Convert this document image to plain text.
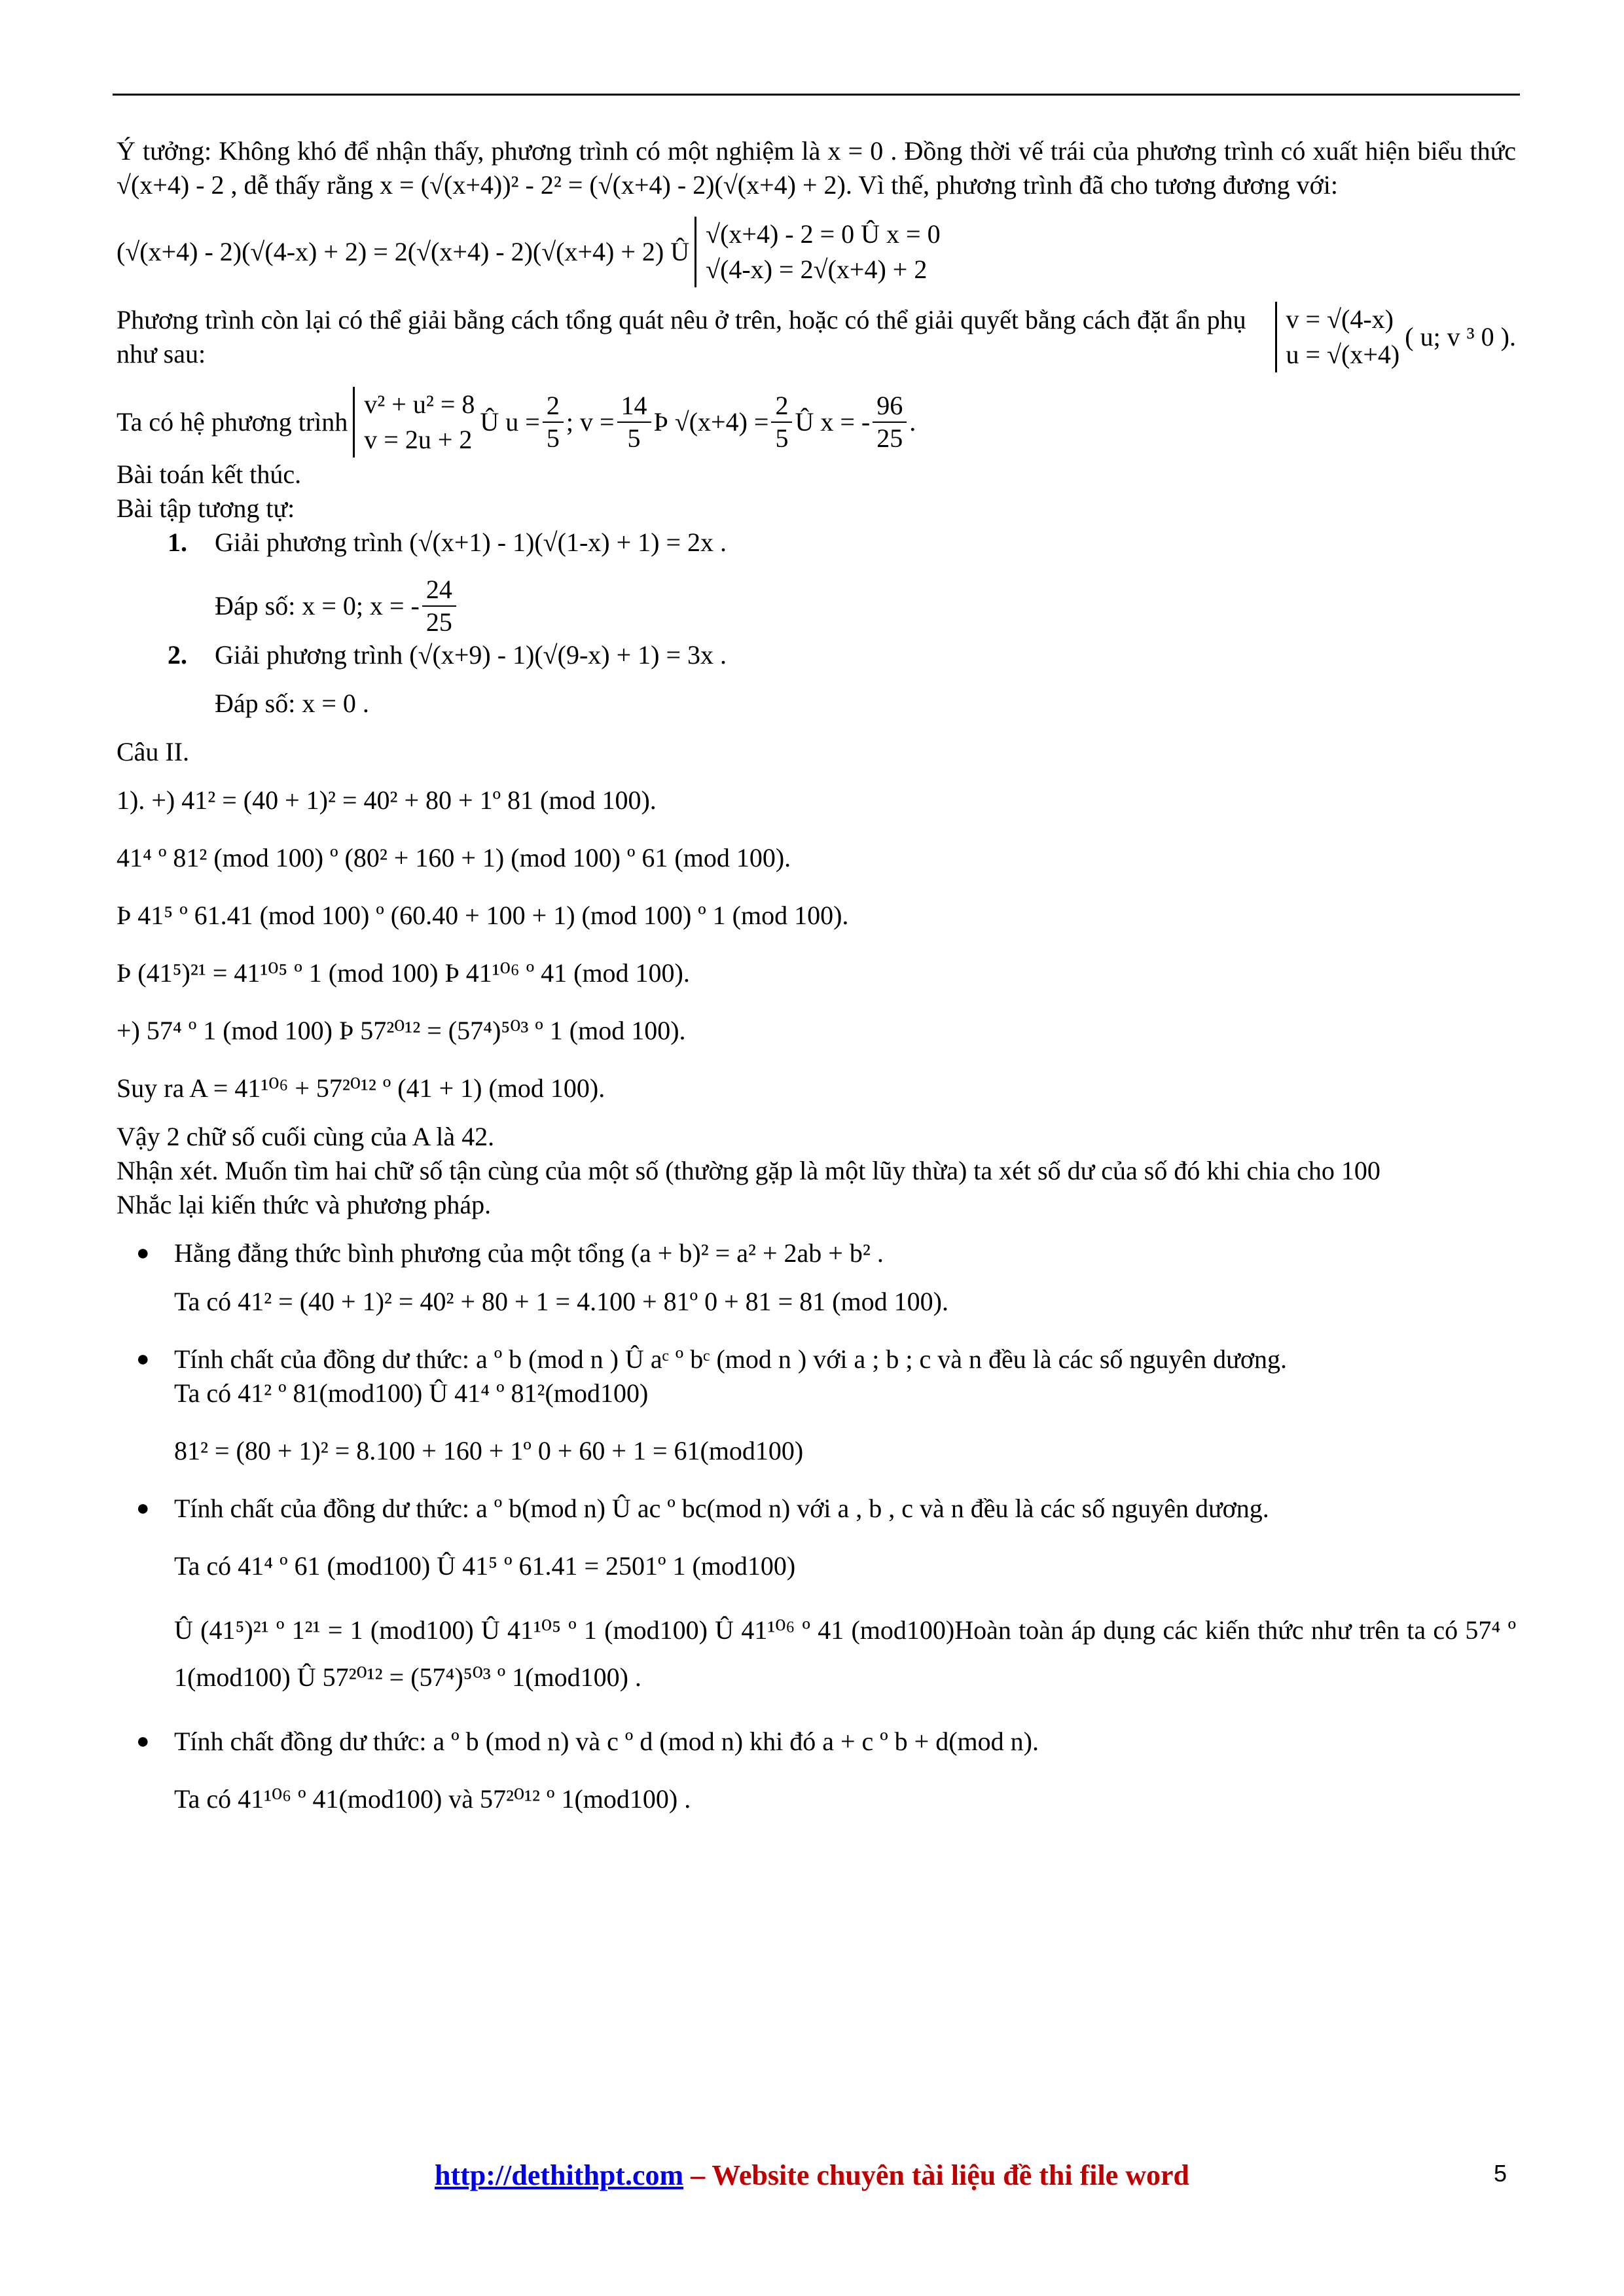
Ý tưởng: Không khó để nhận thấy, phương trình có một nghiệm là x = 0 . Đồng thời vế trái của phương trình có xuất hiện biểu thức √(x+4) - 2 , dễ thấy rằng x = (√(x+4))² - 2² = (√(x+4) - 2)(√(x+4) + 2). Vì thế, phương trình đã cho tương đương với:

(√(x+4) - 2)(√(4-x) + 2) = 2(√(x+4) - 2)(√(x+4) + 2) Û
√(x+4) - 2 = 0 Û x = 0
√(4-x) = 2√(x+4) + 2
Phương trình còn lại có thể giải bằng cách tổng quát nêu ở trên, hoặc có thể giải quyết bằng cách đặt ẩn phụ như sau:
v = √(4-x)
u = √(x+4)
( u; v ³ 0 ).
Ta có hệ phương trình
v² + u² = 8
v = 2u + 2
Û $u = \frac{2}{5}$ ; $v = \frac{14}{5}$ Þ $√(x+4) = \frac{2}{5}$ Û x = - $\frac{96}{25}$ .

Bài toán kết thúc.

Bài tập tương tự:

1. Giải phương trình (√(x+1) - 1)(√(1-x) + 1) = 2x .
Đáp số: x = 0; x = - $\frac{24}{25}$
2. Giải phương trình (√(x+9) - 1)(√(9-x) + 1) = 3x .

Đáp số: x = 0 .

Câu II.

1). +) 41² = (40 + 1)² = 40² + 80 + 1º 81 (mod 100).

41⁴ º 81² (mod 100) º (80² + 160 + 1) (mod 100) º 61 (mod 100).

Þ 41⁵ º 61.41 (mod 100) º (60.40 + 100 + 1) (mod 100) º 1 (mod 100).

Þ (41⁵)²¹ = 41¹⁰⁵ º 1 (mod 100) Þ 41¹⁰⁶ º 41 (mod 100).

+) 57⁴ º 1 (mod 100) Þ 57²⁰¹² = (57⁴)⁵⁰³ º 1 (mod 100).

Suy ra A = 41¹⁰⁶ + 57²⁰¹² º (41 + 1) (mod 100).

Vậy 2 chữ số cuối cùng của A là 42.

Nhận xét. Muốn tìm hai chữ số tận cùng của một số (thường gặp là một lũy thừa) ta xét số dư của số đó khi chia cho 100

Nhắc lại kiến thức và phương pháp.

● Hằng đẳng thức bình phương của một tổng (a + b)² = a² + 2ab + b² .

Ta có 41² = (40 + 1)² = 40² + 80 + 1 = 4.100 + 81º 0 + 81 = 81 (mod 100).

● Tính chất của đồng dư thức: a º b (mod n ) Û aᶜ º bᶜ (mod n ) với a ; b ; c và n đều là các số nguyên dương.

Ta có 41² º 81(mod100) Û 41⁴ º 81²(mod100)

81² = (80 + 1)² = 8.100 + 160 + 1º 0 + 60 + 1 = 61(mod100)

● Tính chất của đồng dư thức: a º b(mod n) Û ac º bc(mod n) với a , b , c và n đều là các số nguyên dương.

Ta có 41⁴ º 61 (mod100) Û 41⁵ º 61.41 = 2501º 1 (mod100)

Û (41⁵)²¹ º 1²¹ = 1 (mod100) Û 41¹⁰⁵ º 1 (mod100) Û 41¹⁰⁶ º 41 (mod100)Hoàn toàn áp dụng các kiến thức như trên ta có 57⁴ º 1(mod100) Û 57²⁰¹² = (57⁴)⁵⁰³ º 1(mod100) .

● Tính chất đồng dư thức: a º b (mod n) và c º d (mod n) khi đó a + c º b + d(mod n).

Ta có 41¹⁰⁶ º 41(mod100) và 57²⁰¹² º 1(mod100) .

http://dethithpt.com – Website chuyên tài liệu đề thi file word	5
